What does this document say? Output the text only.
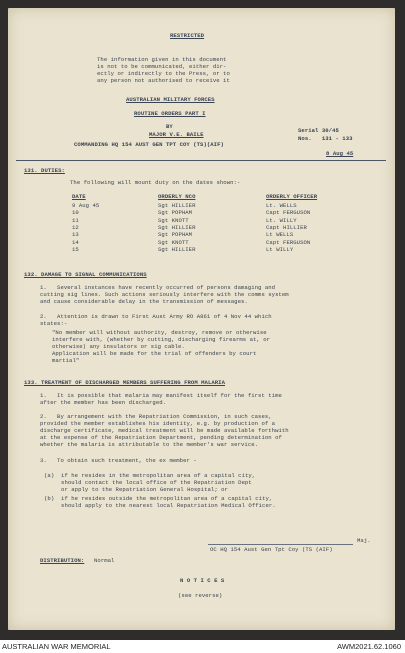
RESTRICTED
The information given in this document
is not to be communicated, either dir-
ectly or indirectly to the Press, or to
any person not authorised to receive it
AUSTRALIAN MILITARY FORCES
ROUTINE ORDERS PART I
BY
MAJOR V.E. BAILE
COMMANDING HQ 154 AUST GEN TPT COY (TS)(AIF)
Serial 30/45
Nos.   131 - 133
8 Aug 45
131. DUTIES:
The following will mount duty on the dates shown:-
DATE	ORDERLY NCO	ORDERLY OFFICER
9 Aug 45	Sgt HILLIER	Lt. WELLS
10	Sgt POPHAM	Capt FERGUSON
11	Sgt KNOTT	Lt. WILLY
12	Sgt HILLIER	Capt HILLIER
13	Sgt POPHAM	Lt WELLS
14	Sgt KNOTT	Capt FERGUSON
15	Sgt HILLIER	Lt WILLY
132. DAMAGE TO SIGNAL COMMUNICATIONS
1.   Several instances have recently occurred of persons damaging and
cutting sig lines. Such actions seriously interfere with the comms system
and cause considerable delay in the transmission of messages.
2.   Attention is drawn to First Aust Army RO A861 of 4 Nov 44 which
states:-
"No member will without authority, destroy, remove or otherwise
interfere with, (whether by cutting, discharging firearms at, or
otherwise) any insulators or sig cable.
Application will be made for the trial of offenders by court
martial"
133. TREATMENT OF DISCHARGED MEMBERS SUFFERING FROM MALARIA
1.   It is possible that malaria may manifest itself for the first time
after the member has been discharged.
2.   By arrangement with the Repatriation Commission, in such cases,
provided the member establishes his identity, e.g. by production of a
discharge certificate, medical treatment will be made available forthwith
at the expense of the Repatriation Department, pending determination of
whether the malaria is attributable to the member's war service.
3.   To obtain such treatment, the ex member -
(a)  if he resides in the metropolitan area of a capital city,
should contact the local office of the Repatriation Dept
or apply to the Repatriation General Hospital; or
(b)  if he resides outside the metropolitan area of a capital city,
should apply to the nearest local Repatriation Medical Officer.
Maj.
OC HQ 154 Aust Gen Tpt Coy (TS (AIF)
DISTRIBUTION: Normal
N O T I C E S
(see reverse)
AUSTRALIAN WAR MEMORIAL	AWM2021.62.1060
